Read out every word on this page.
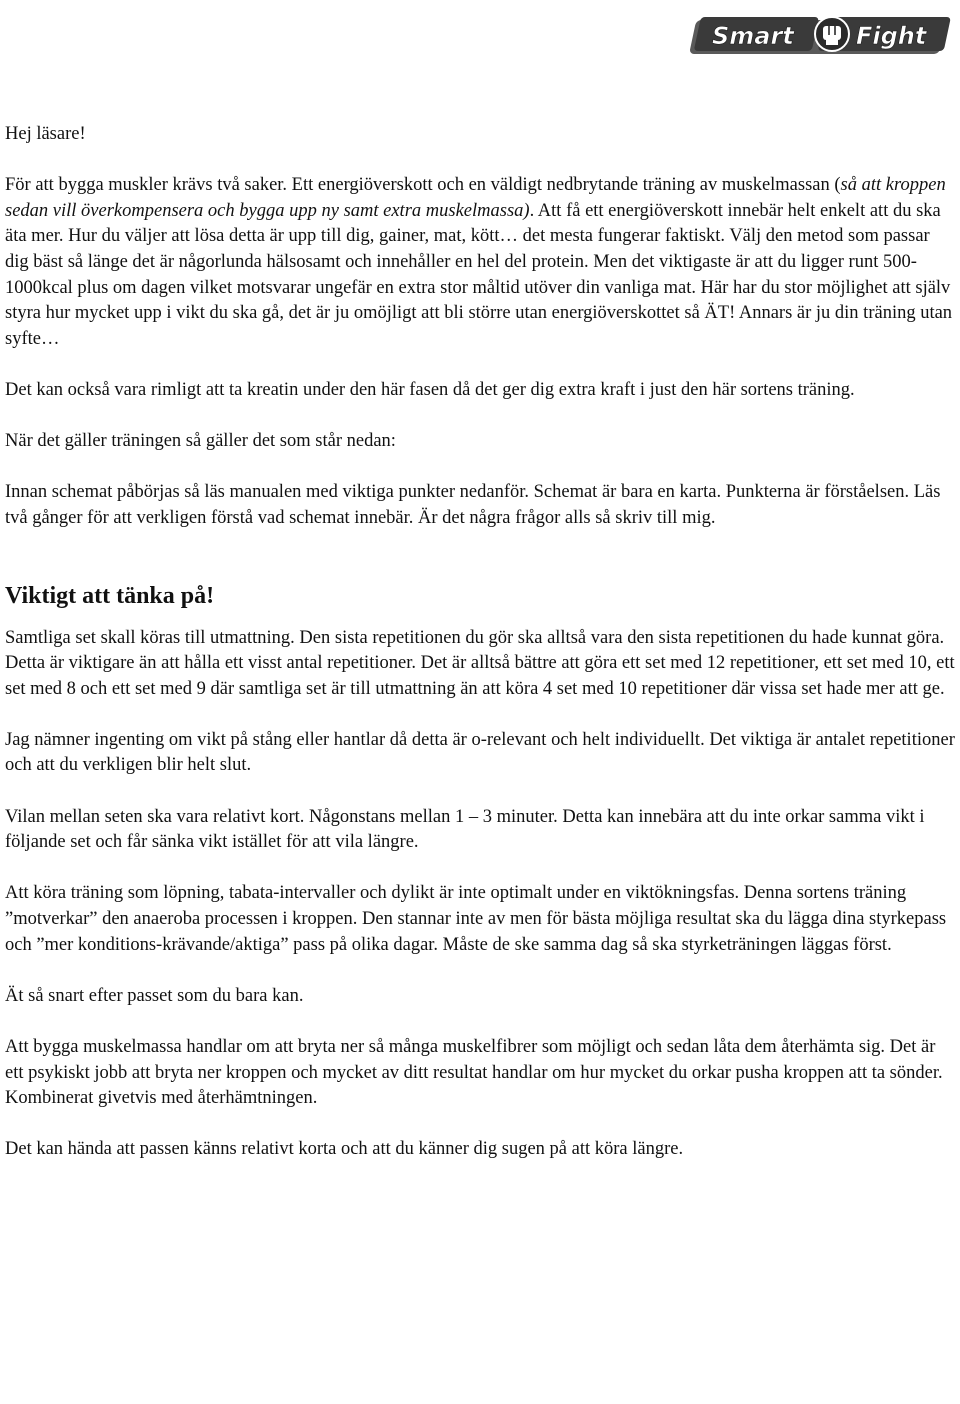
Smart	Fight

Hej läsare!

För att bygga muskler krävs två saker. Ett energiöverskott och en väldigt nedbrytande träning av muskelmassan (så att kroppen sedan vill överkompensera och bygga upp ny samt extra muskelmassa). Att få ett energiöverskott innebär helt enkelt att du ska äta mer. Hur du väljer att lösa detta är upp till dig, gainer, mat, kött… det mesta fungerar faktiskt. Välj den metod som passar dig bäst så länge det är någorlunda hälsosamt och innehåller en hel del protein. Men det viktigaste är att du ligger runt 500-1000kcal plus om dagen vilket motsvarar ungefär en extra stor måltid utöver din vanliga mat. Här har du stor möjlighet att själv styra hur mycket upp i vikt du ska gå, det är ju omöjligt att bli större utan energiöverskottet så ÄT! Annars är ju din träning utan syfte…

Det kan också vara rimligt att ta kreatin under den här fasen då det ger dig extra kraft i just den här sortens träning.

När det gäller träningen så gäller det som står nedan:

Innan schemat påbörjas så läs manualen med viktiga punkter nedanför. Schemat är bara en karta. Punkterna är förståelsen. Läs två gånger för att verkligen förstå vad schemat innebär. Är det några frågor alls så skriv till mig.

Viktigt att tänka på!

Samtliga set skall köras till utmattning. Den sista repetitionen du gör ska alltså vara den sista repetitionen du hade kunnat göra. Detta är viktigare än att hålla ett visst antal repetitioner. Det är alltså bättre att göra ett set med 12 repetitioner, ett set med 10, ett set med 8 och ett set med 9 där samtliga set är till utmattning än att köra 4 set med 10 repetitioner där vissa set hade mer att ge.

Jag nämner ingenting om vikt på stång eller hantlar då detta är o-relevant och helt individuellt. Det viktiga är antalet repetitioner och att du verkligen blir helt slut.

Vilan mellan seten ska vara relativt kort. Någonstans mellan 1 – 3 minuter. Detta kan innebära att du inte orkar samma vikt i följande set och får sänka vikt istället för att vila längre.

Att köra träning som löpning, tabata-intervaller och dylikt är inte optimalt under en viktökningsfas. Denna sortens träning ”motverkar” den anaeroba processen i kroppen. Den stannar inte av men för bästa möjliga resultat ska du lägga dina styrkepass och ”mer konditions-krävande/aktiga” pass på olika dagar. Måste de ske samma dag så ska styrketräningen läggas först.

Ät så snart efter passet som du bara kan.

Att bygga muskelmassa handlar om att bryta ner så många muskelfibrer som möjligt och sedan låta dem återhämta sig. Det är ett psykiskt jobb att bryta ner kroppen och mycket av ditt resultat handlar om hur mycket du orkar pusha kroppen att ta sönder. Kombinerat givetvis med återhämtningen.

Det kan hända att passen känns relativt korta och att du känner dig sugen på att köra längre.
